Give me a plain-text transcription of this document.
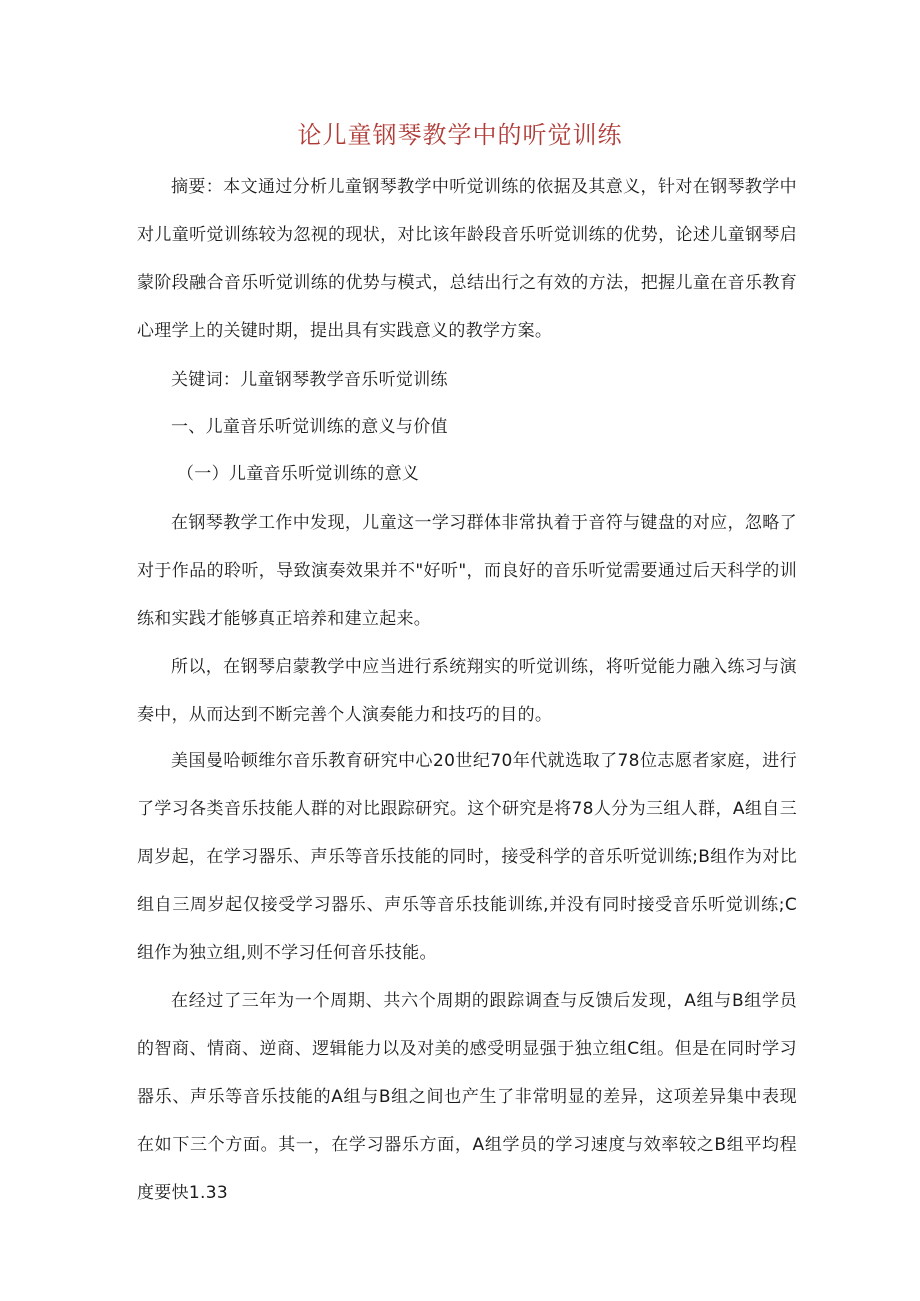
论儿童钢琴教学中的听觉训练

摘要：本文通过分析儿童钢琴教学中听觉训练的依据及其意义，针对在钢琴教学中对儿童听觉训练较为忽视的现状，对比该年龄段音乐听觉训练的优势，论述儿童钢琴启蒙阶段融合音乐听觉训练的优势与模式，总结出行之有效的方法，把握儿童在音乐教育心理学上的关键时期，提出具有实践意义的教学方案。

关键词：儿童钢琴教学音乐听觉训练

一、儿童音乐听觉训练的意义与价值

（一）儿童音乐听觉训练的意义

在钢琴教学工作中发现，儿童这一学习群体非常执着于音符与键盘的对应，忽略了对于作品的聆听，导致演奏效果并不"好听"，而良好的音乐听觉需要通过后天科学的训练和实践才能够真正培养和建立起来。

所以，在钢琴启蒙教学中应当进行系统翔实的听觉训练，将听觉能力融入练习与演奏中，从而达到不断完善个人演奏能力和技巧的目的。

美国曼哈顿维尔音乐教育研究中心20世纪70年代就选取了78位志愿者家庭，进行了学习各类音乐技能人群的对比跟踪研究。这个研究是将78人分为三组人群，A组自三周岁起，在学习器乐、声乐等音乐技能的同时，接受科学的音乐听觉训练;B组作为对比组自三周岁起仅接受学习器乐、声乐等音乐技能训练,并没有同时接受音乐听觉训练;C组作为独立组,则不学习任何音乐技能。

在经过了三年为一个周期、共六个周期的跟踪调查与反馈后发现，A组与B组学员的智商、情商、逆商、逻辑能力以及对美的感受明显强于独立组C组。但是在同时学习器乐、声乐等音乐技能的A组与B组之间也产生了非常明显的差异，这项差异集中表现在如下三个方面。其一，在学习器乐方面，A组学员的学习速度与效率较之B组平均程度要快1.33
